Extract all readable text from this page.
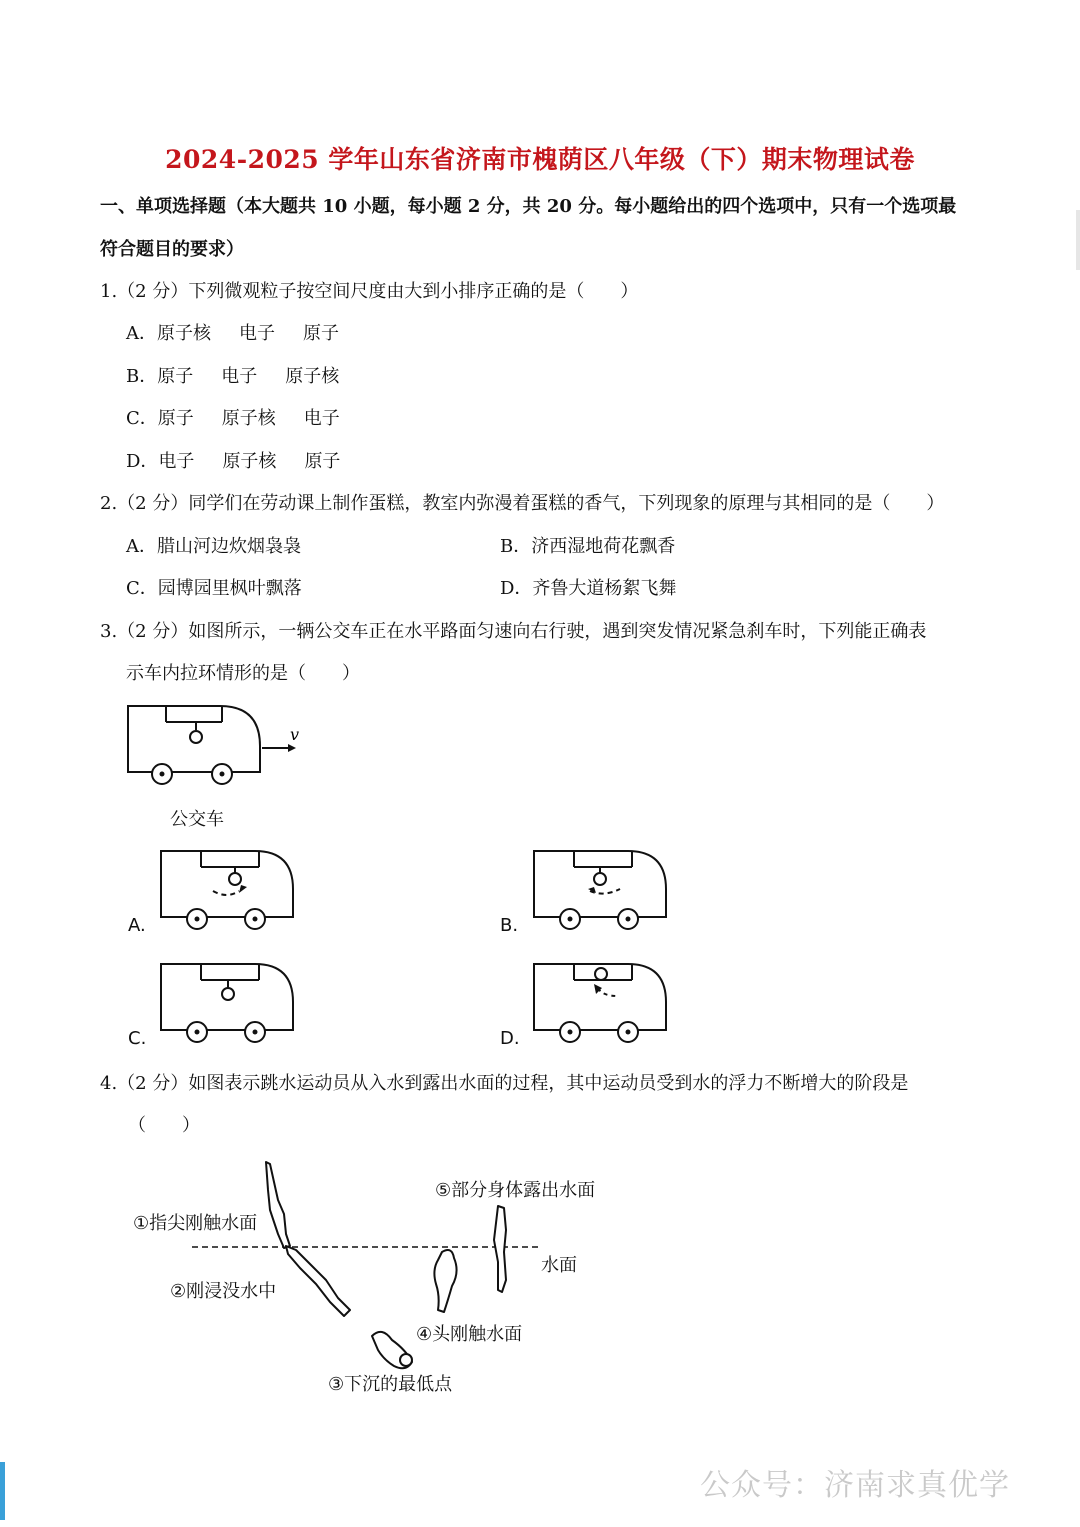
2024-2025 学年山东省济南市槐荫区八年级（下）期末物理试卷
一、单项选择题（本大题共 10 小题，每小题 2 分，共 20 分。每小题给出的四个选项中，只有一个选项最
符合题目的要求）
1.（2 分）下列微观粒子按空间尺度由大到小排序正确的是（　　）
A．原子核 电子 原子
B．原子 电子 原子核
C．原子 原子核 电子
D．电子 原子核 原子
2.（2 分）同学们在劳动课上制作蛋糕，教室内弥漫着蛋糕的香气，下列现象的原理与其相同的是（　　）
A．腊山河边炊烟袅袅	B．济西湿地荷花飘香
C．园博园里枫叶飘落	D．齐鲁大道杨絮飞舞
3.（2 分）如图所示，一辆公交车正在水平路面匀速向右行驶，遇到突发情况紧急刹车时，下列能正确表
示车内拉环情形的是（　　）
v
公交车
A.	B.
C.	D.
4.（2 分）如图表示跳水运动员从入水到露出水面的过程，其中运动员受到水的浮力不断增大的阶段是
（　　）
①指尖刚触水面
②刚浸没水中
③下沉的最低点
④头刚触水面
⑤部分身体露出水面
水面
公众号：济南求真优学
